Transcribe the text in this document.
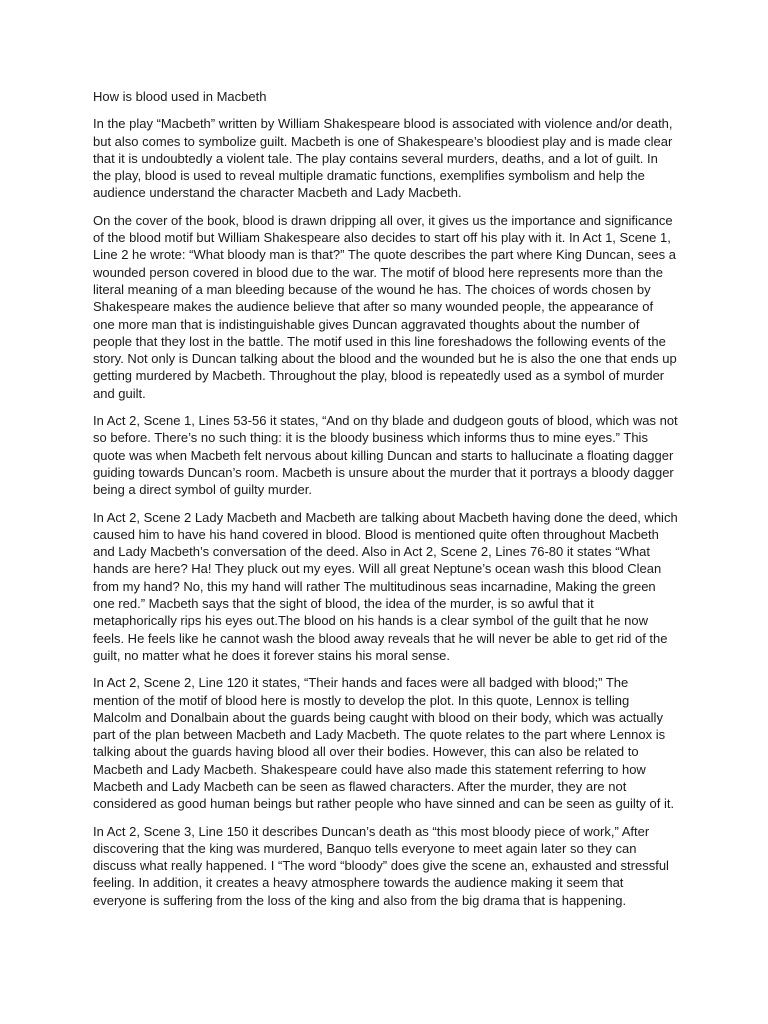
How is blood used in Macbeth

In the play “Macbeth” written by William Shakespeare blood is associated with violence and/or death, but also comes to symbolize guilt. Macbeth is one of Shakespeare’s bloodiest play and is made clear that it is undoubtedly a violent tale. The play contains several murders, deaths, and a lot of guilt. In the play, blood is used to reveal multiple dramatic functions, exemplifies symbolism and help the audience understand the character Macbeth and Lady Macbeth.

On the cover of the book, blood is drawn dripping all over, it gives us the importance and significance of the blood motif but William Shakespeare also decides to start off his play with it. In Act 1, Scene 1, Line 2 he wrote: “What bloody man is that?” The quote describes the part where King Duncan, sees a wounded person covered in blood due to the war. The motif of blood here represents more than the literal meaning of a man bleeding because of the wound he has. The choices of words chosen by Shakespeare makes the audience believe that after so many wounded people, the appearance of one more man that is indistinguishable gives Duncan aggravated thoughts about the number of people that they lost in the battle. The motif used in this line foreshadows the following events of the story. Not only is Duncan talking about the blood and the wounded but he is also the one that ends up getting murdered by Macbeth. Throughout the play, blood is repeatedly used as a symbol of murder and guilt.

In Act 2, Scene 1, Lines 53-56 it states, “And on thy blade and dudgeon gouts of blood, which was not so before. There’s no such thing: it is the bloody business which informs thus to mine eyes.” This quote was when Macbeth felt nervous about killing Duncan and starts to hallucinate a floating dagger guiding towards Duncan’s room. Macbeth is unsure about the murder that it portrays a bloody dagger being a direct symbol of guilty murder.

In Act 2, Scene 2 Lady Macbeth and Macbeth are talking about Macbeth having done the deed, which caused him to have his hand covered in blood. Blood is mentioned quite often throughout Macbeth and Lady Macbeth’s conversation of the deed. Also in Act 2, Scene 2, Lines 76-80 it states “What hands are here? Ha! They pluck out my eyes. Will all great Neptune’s ocean wash this blood Clean from my hand? No, this my hand will rather The multitudinous seas incarnadine, Making the green one red.” Macbeth says that the sight of blood, the idea of the murder, is so awful that it metaphorically rips his eyes out.The blood on his hands is a clear symbol of the guilt that he now feels. He feels like he cannot wash the blood away reveals that he will never be able to get rid of the guilt, no matter what he does it forever stains his moral sense.

In Act 2, Scene 2, Line 120 it states, “Their hands and faces were all badged with blood;” The mention of the motif of blood here is mostly to develop the plot. In this quote, Lennox is telling Malcolm and Donalbain about the guards being caught with blood on their body, which was actually part of the plan between Macbeth and Lady Macbeth. The quote relates to the part where Lennox is talking about the guards having blood all over their bodies. However, this can also be related to Macbeth and Lady Macbeth. Shakespeare could have also made this statement referring to how Macbeth and Lady Macbeth can be seen as flawed characters. After the murder, they are not considered as good human beings but rather people who have sinned and can be seen as guilty of it.

In Act 2, Scene 3, Line 150 it describes Duncan’s death as “this most bloody piece of work,” After discovering that the king was murdered, Banquo tells everyone to meet again later so they can discuss what really happened. I “The word “bloody” does give the scene an, exhausted and stressful feeling. In addition, it creates a heavy atmosphere towards the audience making it seem that everyone is suffering from the loss of the king and also from the big drama that is happening.
